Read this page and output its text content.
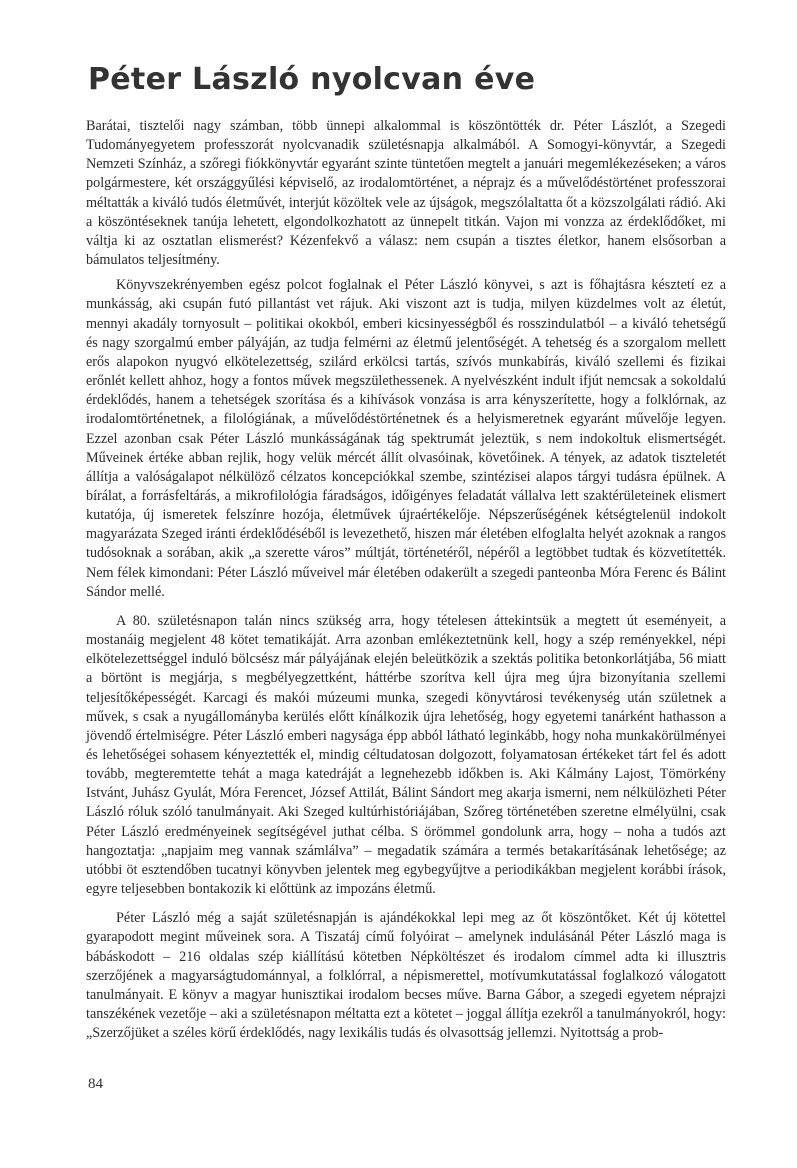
Péter László nyolcvan éve

Barátai, tisztelői nagy számban, több ünnepi alkalommal is köszöntötték dr. Péter Lászlót, a Szegedi Tudományegyetem professzorát nyolcvanadik születésnapja alkalmából. A Somogyi-könyvtár, a Szegedi Nemzeti Színház, a szőregi fiókkönyvtár egyaránt szinte tüntetően megtelt a januári megemlékezéseken; a város polgármestere, két országgyűlési képviselő, az irodalomtörténet, a néprajz és a művelődéstörténet professzorai méltatták a kiváló tudós életművét, interjút közöltek vele az újságok, megszólaltatta őt a közszolgálati rádió. Aki a köszöntéseknek tanúja lehetett, elgondolkozhatott az ünnepelt titkán. Vajon mi vonzza az érdeklődőket, mi váltja ki az osztatlan elismerést? Kézenfekvő a válasz: nem csupán a tisztes életkor, hanem elsősorban a bámulatos teljesítmény.

Könyvszekrényemben egész polcot foglalnak el Péter László könyvei, s azt is főhajtásra késztetí ez a munkásság, aki csupán futó pillantást vet rájuk. Aki viszont azt is tudja, milyen küzdelmes volt az életút, mennyi akadály tornyosult – politikai okokból, emberi kicsinyességből és rosszindulatból – a kiváló tehetségű és nagy szorgalmú ember pályáján, az tudja felmérni az életmű jelentőségét. A tehetség és a szorgalom mellett erős alapokon nyugvó elkötelezettség, szilárd erkölcsi tartás, szívós munkabírás, kiváló szellemi és fizikai erőnlét kellett ahhoz, hogy a fontos művek megszülethessenek. A nyelvészként indult ifjút nemcsak a sokoldalú érdeklődés, hanem a tehetségek szorítása és a kihívások vonzása is arra kényszerítette, hogy a folklórnak, az irodalomtörténetnek, a filológiának, a művelődéstörténetnek és a helyismeretnek egyaránt művelője legyen. Ezzel azonban csak Péter László munkásságának tág spektrumát jeleztük, s nem indokoltuk elismertségét. Műveinek értéke abban rejlik, hogy velük mércét állít olvasóinak, követőinek. A tények, az adatok tiszteletét állítja a valóságalapot nélkülöző célzatos koncepciókkal szembe, szintézisei alapos tárgyi tudásra épülnek. A bírálat, a forrásfeltárás, a mikrofilológia fáradságos, időigényes feladatát vállalva lett szaktérületeinek elismert kutatója, új ismeretek felszínre hozója, életművek újraértékelője. Népszerűségének kétségtelenül indokolt magyarázata Szeged iránti érdeklődéséből is levezethető, hiszen már életében elfoglalta helyét azoknak a rangos tudósoknak a sorában, akik „a szerette város” múltját, történetéről, népéről a legtöbbet tudtak és közvetítették. Nem félek kimondani: Péter László műveivel már életében odakerült a szegedi panteonba Móra Ferenc és Bálint Sándor mellé.

A 80. születésnapon talán nincs szükség arra, hogy tételesen áttekintsük a megtett út eseményeit, a mostanáig megjelent 48 kötet tematikáját. Arra azonban emlékeztetnünk kell, hogy a szép reményekkel, népi elkötelezettséggel induló bölcsész már pályájának elején beleütközik a szektás politika betonkorlátjába, 56 miatt a börtönt is megjárja, s megbélyegzettként, háttérbe szorítva kell újra meg újra bizonyítania szellemi teljesítőképességét. Karcagi és makói múzeumi munka, szegedi könyvtárosi tevékenység után születnek a művek, s csak a nyugállományba kerülés előtt kínálkozik újra lehetőség, hogy egyetemi tanárként hathasson a jövendő értelmiségre. Péter László emberi nagysága épp abból látható leginkább, hogy noha munkakörülményei és lehetőségei sohasem kényeztették el, mindig céltudatosan dolgozott, folyamatosan értékeket tárt fel és adott tovább, megteremtette tehát a maga katedráját a legnehezebb időkben is. Aki Kálmány Lajost, Tömörkény Istvánt, Juhász Gyulát, Móra Ferencet, József Attilát, Bálint Sándort meg akarja ismerni, nem nélkülözheti Péter László róluk szóló tanulmányait. Aki Szeged kultúrhistóriájában, Szőreg történetében szeretne elmélyülni, csak Péter László eredményeinek segítségével juthat célba. S örömmel gondolunk arra, hogy – noha a tudós azt hangoztatja: „napjaim meg vannak számlálva” – megadatik számára a termés betakarításának lehetősége; az utóbbi öt esztendőben tucatnyi könyvben jelentek meg egybegyűjtve a periodikákban megjelent korábbi írások, egyre teljesebben bontakozik ki előttünk az impozáns életmű.

Péter László még a saját születésnapján is ajándékokkal lepi meg az őt köszöntőket. Két új kötettel gyarapodott megint műveinek sora. A Tiszatáj című folyóirat – amelynek indulásánál Péter László maga is bábáskodott – 216 oldalas szép kiállítású kötetben Népköltészet és irodalom címmel adta ki illusztris szerzőjének a magyarságtudománnyal, a folklórral, a népismerettel, motívumkutatással foglalkozó válogatott tanulmányait. E könyv a magyar hunisztikai irodalom becses műve. Barna Gábor, a szegedi egyetem néprajzi tanszékének vezetője – aki a születésnapon méltatta ezt a kötetet – joggal állítja ezekről a tanulmányokról, hogy: „Szerzőjüket a széles körű érdeklődés, nagy lexikális tudás és olvasottság jellemzi. Nyitottság a prob-

84
